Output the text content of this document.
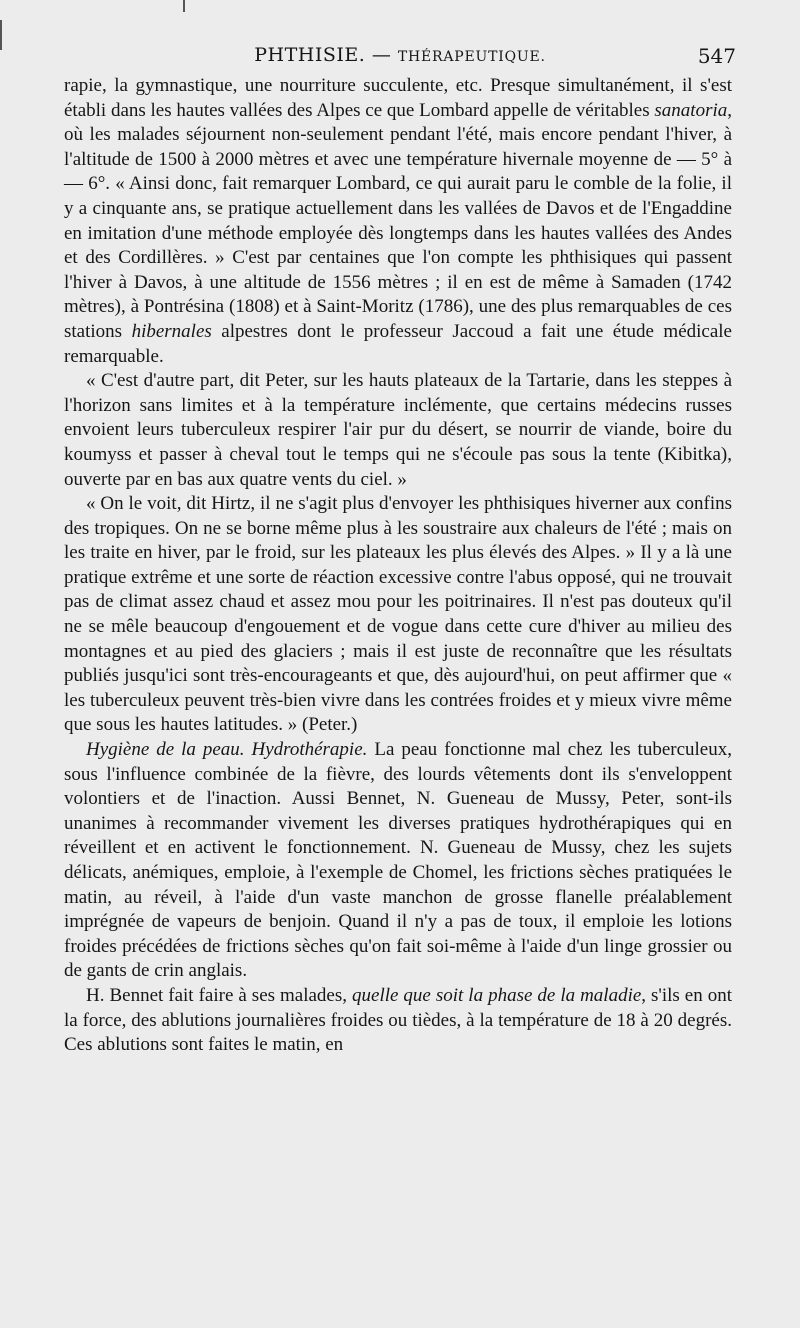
PHTHISIE. — THÉRAPEUTIQUE.	547

rapie, la gymnastique, une nourriture succulente, etc. Presque simultanément, il s'est établi dans les hautes vallées des Alpes ce que Lombard appelle de véritables sanatoria, où les malades séjournent non-seulement pendant l'été, mais encore pendant l'hiver, à l'altitude de 1500 à 2000 mètres et avec une température hivernale moyenne de — 5° à — 6°. « Ainsi donc, fait remarquer Lombard, ce qui aurait paru le comble de la folie, il y a cinquante ans, se pratique actuellement dans les vallées de Davos et de l'Engaddine en imitation d'une méthode employée dès longtemps dans les hautes vallées des Andes et des Cordillères. » C'est par centaines que l'on compte les phthisiques qui passent l'hiver à Davos, à une altitude de 1556 mètres ; il en est de même à Samaden (1742 mètres), à Pontrésina (1808) et à Saint-Moritz (1786), une des plus remarquables de ces stations hibernales alpestres dont le professeur Jaccoud a fait une étude médicale remarquable.

« C'est d'autre part, dit Peter, sur les hauts plateaux de la Tartarie, dans les steppes à l'horizon sans limites et à la température inclémente, que certains médecins russes envoient leurs tuberculeux respirer l'air pur du désert, se nourrir de viande, boire du koumyss et passer à cheval tout le temps qui ne s'écoule pas sous la tente (Kibitka), ouverte par en bas aux quatre vents du ciel. »

« On le voit, dit Hirtz, il ne s'agit plus d'envoyer les phthisiques hiverner aux confins des tropiques. On ne se borne même plus à les soustraire aux chaleurs de l'été ; mais on les traite en hiver, par le froid, sur les plateaux les plus élevés des Alpes. » Il y a là une pratique extrême et une sorte de réaction excessive contre l'abus opposé, qui ne trouvait pas de climat assez chaud et assez mou pour les poitrinaires. Il n'est pas douteux qu'il ne se mêle beaucoup d'engouement et de vogue dans cette cure d'hiver au milieu des montagnes et au pied des glaciers ; mais il est juste de reconnaître que les résultats publiés jusqu'ici sont très-encourageants et que, dès aujourd'hui, on peut affirmer que « les tuberculeux peuvent très-bien vivre dans les contrées froides et y mieux vivre même que sous les hautes latitudes. » (Peter.)

Hygiène de la peau. Hydrothérapie. La peau fonctionne mal chez les tuberculeux, sous l'influence combinée de la fièvre, des lourds vêtements dont ils s'enveloppent volontiers et de l'inaction. Aussi Bennet, N. Gueneau de Mussy, Peter, sont-ils unanimes à recommander vivement les diverses pratiques hydrothérapiques qui en réveillent et en activent le fonctionnement. N. Gueneau de Mussy, chez les sujets délicats, anémiques, emploie, à l'exemple de Chomel, les frictions sèches pratiquées le matin, au réveil, à l'aide d'un vaste manchon de grosse flanelle préalablement imprégnée de vapeurs de benjoin. Quand il n'y a pas de toux, il emploie les lotions froides précédées de frictions sèches qu'on fait soi-même à l'aide d'un linge grossier ou de gants de crin anglais.

H. Bennet fait faire à ses malades, quelle que soit la phase de la maladie, s'ils en ont la force, des ablutions journalières froides ou tièdes, à la température de 18 à 20 degrés. Ces ablutions sont faites le matin, en
